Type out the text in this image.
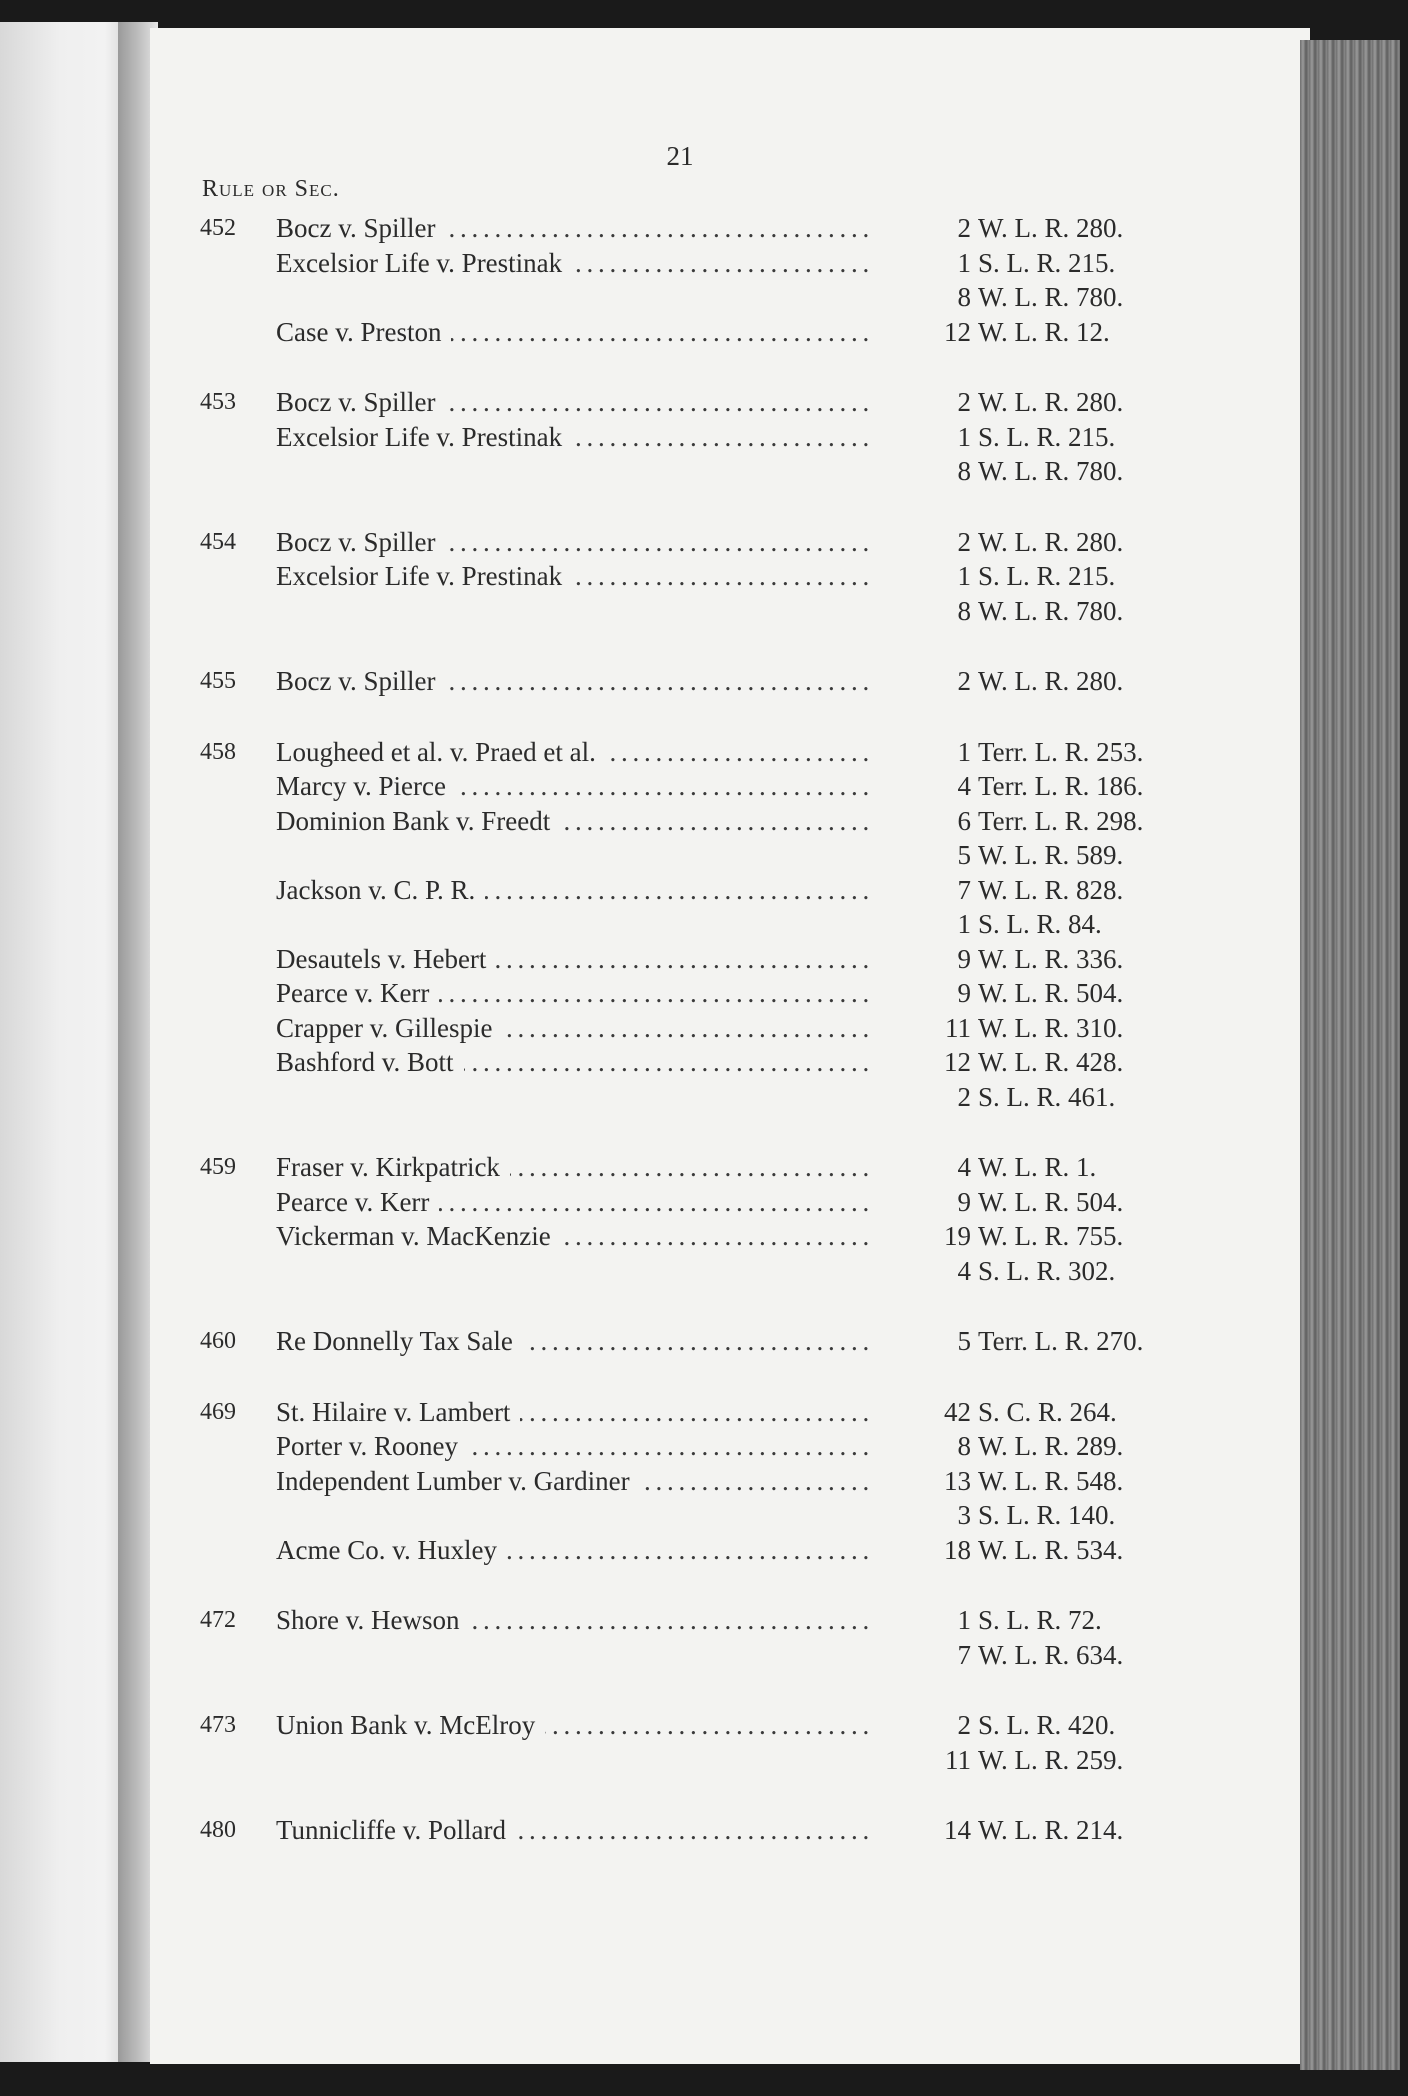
21
Rule or Sec.
452	Bocz v. Spiller . . .	2 W. L. R. 280.
Excelsior Life v. Prestinak . . .	1 S. L. R. 215.
8 W. L. R. 780.
Case v. Preston . . .	12 W. L. R. 12.
453	Bocz v. Spiller . . .	2 W. L. R. 280.
Excelsior Life v. Prestinak . . .	1 S. L. R. 215.
8 W. L. R. 780.
454	Bocz v. Spiller . . .	2 W. L. R. 280.
Excelsior Life v. Prestinak . . .	1 S. L. R. 215.
8 W. L. R. 780.
455	Bocz v. Spiller . . .	2 W. L. R. 280.
458	Lougheed et al. v. Praed et al. . . .	1 Terr. L. R. 253.
Marcy v. Pierce . . .	4 Terr. L. R. 186.
Dominion Bank v. Freedt . . .	6 Terr. L. R. 298.
5 W. L. R. 589.
Jackson v. C. P. R. . . .	7 W. L. R. 828.
1 S. L. R. 84.
Desautels v. Hebert . . .	9 W. L. R. 336.
Pearce v. Kerr . . .	9 W. L. R. 504.
Crapper v. Gillespie . . .	11 W. L. R. 310.
Bashford v. Bott . . .	12 W. L. R. 428.
2 S. L. R. 461.
459	Fraser v. Kirkpatrick . . .	4 W. L. R. 1.
Pearce v. Kerr . . .	9 W. L. R. 504.
Vickerman v. MacKenzie . . .	19 W. L. R. 755.
4 S. L. R. 302.
460	Re Donnelly Tax Sale . . .	5 Terr. L. R. 270.
469	St. Hilaire v. Lambert . . .	42 S. C. R. 264.
Porter v. Rooney . . .	8 W. L. R. 289.
Independent Lumber v. Gardiner . . .	13 W. L. R. 548.
3 S. L. R. 140.
Acme Co. v. Huxley . . .	18 W. L. R. 534.
472	Shore v. Hewson . . .	1 S. L. R. 72.
7 W. L. R. 634.
473	Union Bank v. McElroy . . .	2 S. L. R. 420.
11 W. L. R. 259.
480	Tunnicliffe v. Pollard . . .	14 W. L. R. 214.
